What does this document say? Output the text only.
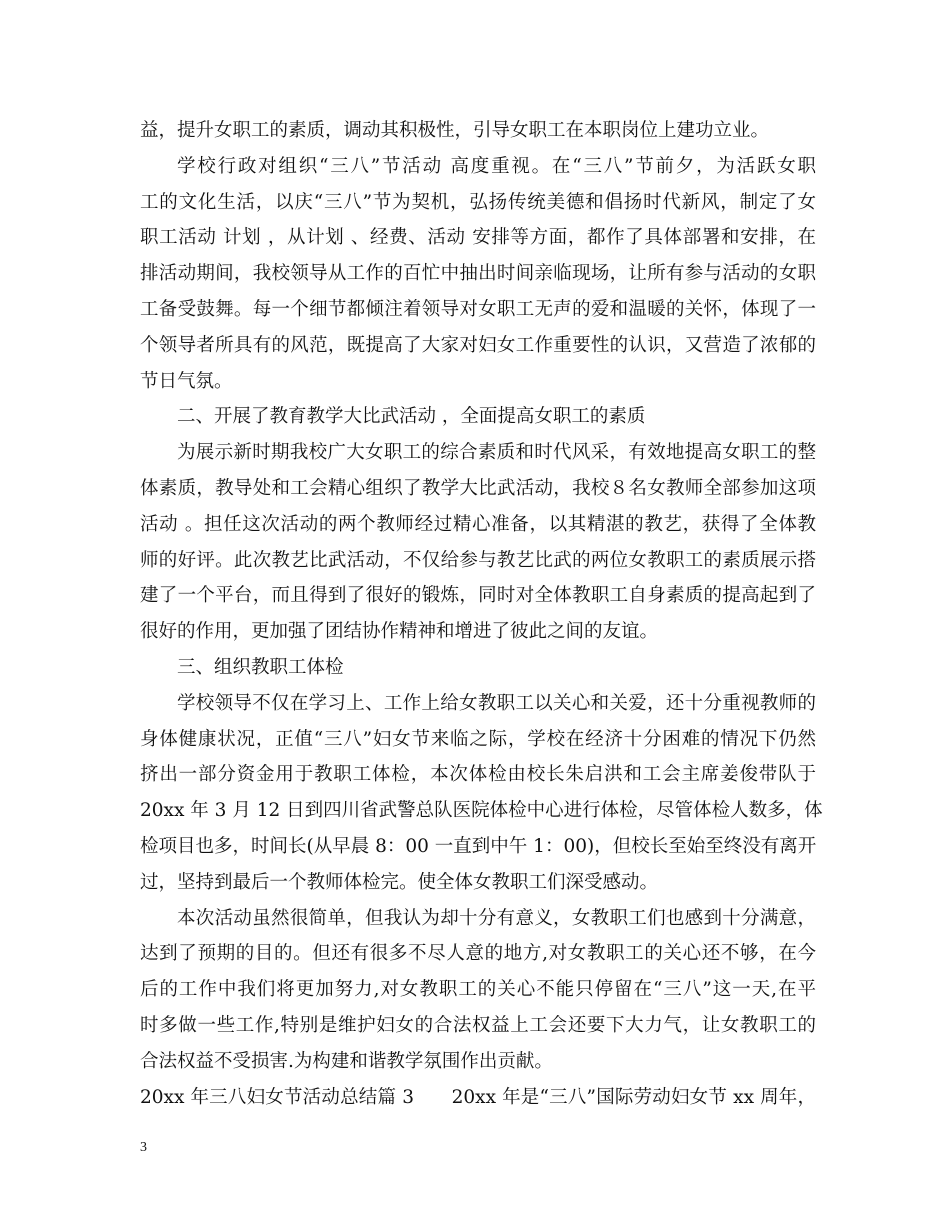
益，提升女职工的素质，调动其积极性，引导女职工在本职岗位上建功立业。
学校行政对组织“三八”节活动 高度重视。在“三八”节前夕，为活跃女职
工的文化生活，以庆“三八”节为契机，弘扬传统美德和倡扬时代新风，制定了女
职工活动 计划 ，从计划 、经费、活动 安排等方面，都作了具体部署和安排，在
排活动期间，我校领导从工作的百忙中抽出时间亲临现场，让所有参与活动的女职
工备受鼓舞。每一个细节都倾注着领导对女职工无声的爱和温暖的关怀，体现了一
个领导者所具有的风范，既提高了大家对妇女工作重要性的认识，又营造了浓郁的
节日气氛。
二、开展了教育教学大比武活动 ，全面提高女职工的素质
为展示新时期我校广大女职工的综合素质和时代风采，有效地提高女职工的整
体素质，教导处和工会精心组织了教学大比武活动，我校８名女教师全部参加这项
活动 。担任这次活动的两个教师经过精心准备，以其精湛的教艺，获得了全体教
师的好评。此次教艺比武活动，不仅给参与教艺比武的两位女教职工的素质展示搭
建了一个平台，而且得到了很好的锻炼，同时对全体教职工自身素质的提高起到了
很好的作用，更加强了团结协作精神和增进了彼此之间的友谊。
三、组织教职工体检
学校领导不仅在学习上、工作上给女教职工以关心和关爱，还十分重视教师的
身体健康状况，正值“三八”妇女节来临之际，学校在经济十分困难的情况下仍然
挤出一部分资金用于教职工体检，本次体检由校长朱启洪和工会主席姜俊带队于
20xx 年 3 月 12 日到四川省武警总队医院体检中心进行体检，尽管体检人数多，体
检项目也多，时间长(从早晨 8：00 一直到中午 1：00)，但校长至始至终没有离开
过，坚持到最后一个教师体检完。使全体女教职工们深受感动。
本次活动虽然很简单，但我认为却十分有意义，女教职工们也感到十分满意，
达到了预期的目的。但还有很多不尽人意的地方,对女教职工的关心还不够，在今
后的工作中我们将更加努力,对女教职工的关心不能只停留在“三八”这一天,在平
时多做一些工作,特别是维护妇女的合法权益上工会还要下大力气，让女教职工的
合法权益不受损害.为构建和谐教学氛围作出贡献。
20xx 年三八妇女节活动总结篇 3　　20xx 年是“三八”国际劳动妇女节 xx 周年，
3
